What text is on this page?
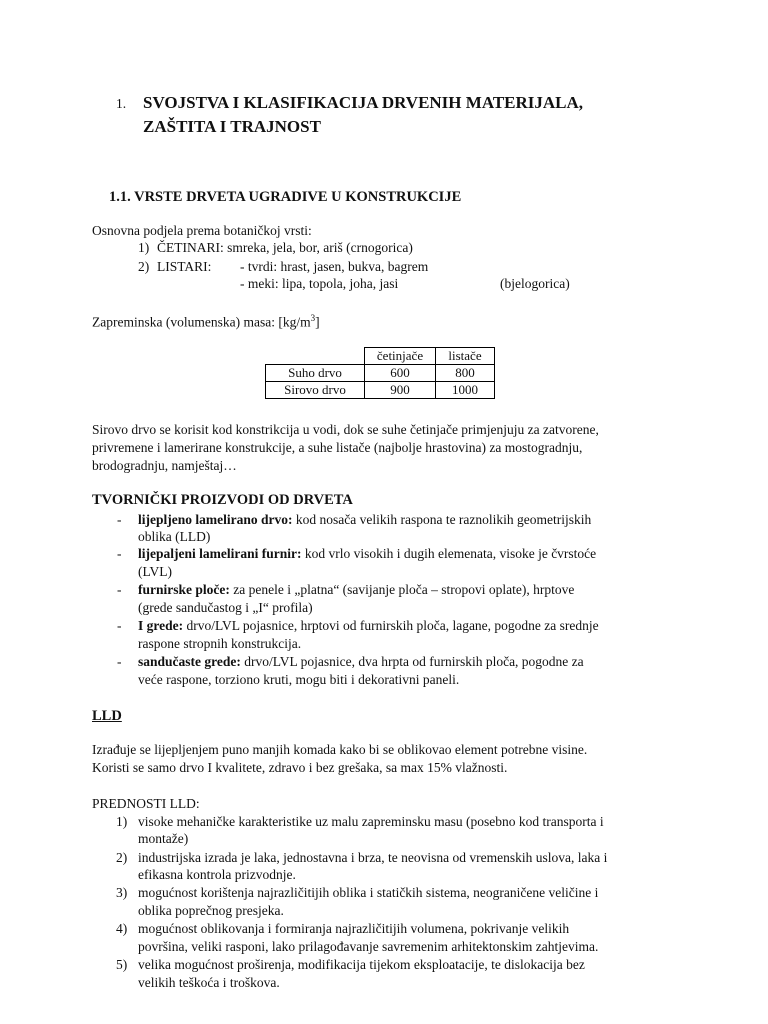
1. SVOJSTVA I KLASIFIKACIJA DRVENIH MATERIJALA,
ZAŠTITA I TRAJNOST
1.1. VRSTE DRVETA UGRADIVE U KONSTRUKCIJE
Osnovna podjela prema botaničkoj vrsti:
1) ČETINARI: smreka, jela, bor, ariš (crnogorica)
2) LISTARI: - tvrdi: hrast, jasen, bukva, bagrem
- meki: lipa, topola, joha, jasi	(bjelogorica)
Zapreminska (volumenska) masa: $[kg/m^3]$
	četinjače	listače
Suho drvo	600	800
Sirovo drvo	900	1000
Sirovo drvo se korisit kod konstrikcija u vodi, dok se suhe četinjače primjenjuju za zatvorene,
privremene i lamerirane konstrukcije, a suhe listače (najbolje hrastovina) za mostogradnju,
brodogradnju, namještaj…
TVORNIČKI PROIZVODI OD DRVETA
- lijepljeno lamelirano drvo: kod nosača velikih raspona te raznolikih geometrijskih
oblika (LLD)
- lijepaljeni lamelirani furnir: kod vrlo visokih i dugih elemenata, visoke je čvrstoće
(LVL)
- furnirske ploče: za penele i „platna“ (savijanje ploča – stropovi oplate), hrptove
(grede sandučastog i „I“ profila)
- I grede: drvo/LVL pojasnice, hrptovi od furnirskih ploča, lagane, pogodne za srednje
raspone stropnih konstrukcija.
- sandučaste grede: drvo/LVL pojasnice, dva hrpta od furnirskih ploča, pogodne za
veće raspone, torziono kruti, mogu biti i dekorativni paneli.
LLD
Izrađuje se lijepljenjem puno manjih komada kako bi se oblikovao element potrebne visine.
Koristi se samo drvo I kvalitete, zdravo i bez grešaka, sa max 15% vlažnosti.
PREDNOSTI LLD:
1) visoke mehaničke karakteristike uz malu zapreminsku masu (posebno kod transporta i
montaže)
2) industrijska izrada je laka, jednostavna i brza, te neovisna od vremenskih uslova, laka i
efikasna kontrola prizvodnje.
3) mogućnost korištenja najrazličitijih oblika i statičkih sistema, neograničene veličine i
oblika poprečnog presjeka.
4) mogućnost oblikovanja i formiranja najrazličitijih volumena, pokrivanje velikih
površina, veliki rasponi, lako prilagođavanje savremenim arhitektonskim zahtjevima.
5) velika mogućnost proširenja, modifikacija tijekom eksploatacije, te dislokacija bez
velikih teškoća i troškova.
